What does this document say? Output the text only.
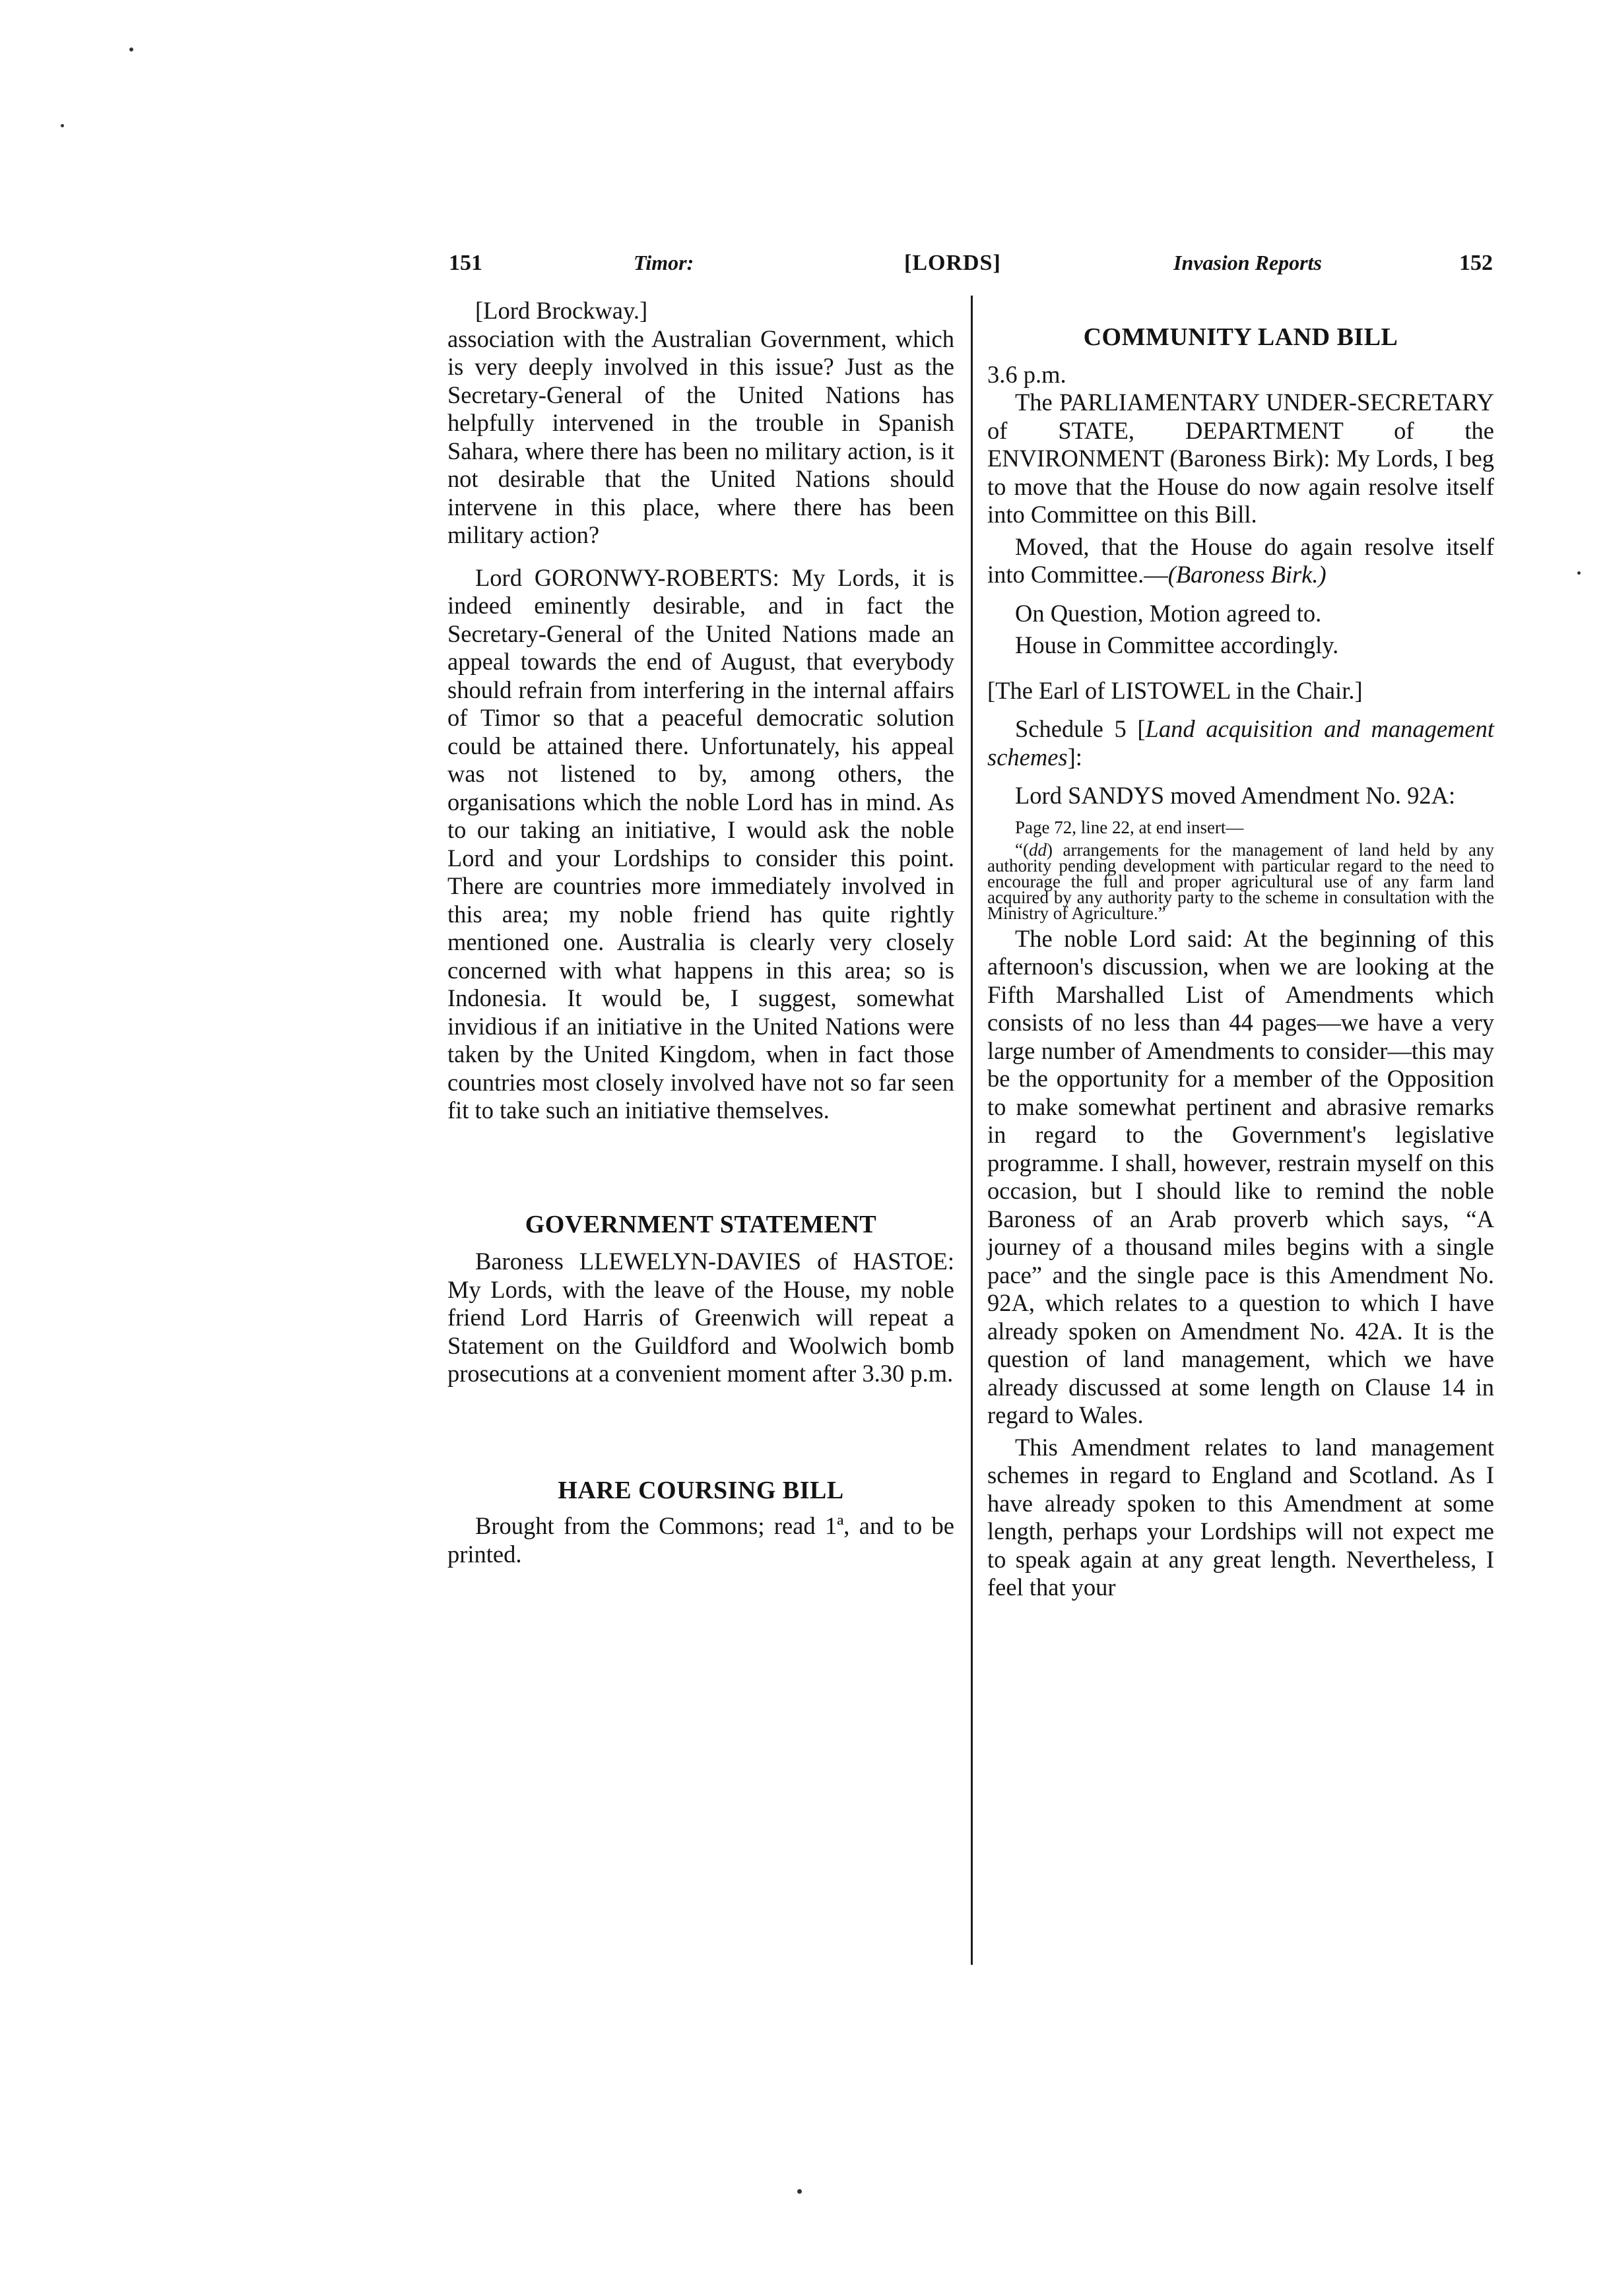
151	Timor:	[LORDS]	Invasion Reports	152

[Lord Brockway.]

association with the Australian Government, which is very deeply involved in this issue? Just as the Secretary-General of the United Nations has helpfully intervened in the trouble in Spanish Sahara, where there has been no military action, is it not desirable that the United Nations should intervene in this place, where there has been military action?

Lord GORONWY-ROBERTS: My Lords, it is indeed eminently desirable, and in fact the Secretary-General of the United Nations made an appeal towards the end of August, that everybody should refrain from interfering in the internal affairs of Timor so that a peaceful democratic solution could be attained there. Unfortunately, his appeal was not listened to by, among others, the organisations which the noble Lord has in mind. As to our taking an initiative, I would ask the noble Lord and your Lordships to consider this point. There are countries more immediately involved in this area; my noble friend has quite rightly mentioned one. Australia is clearly very closely concerned with what happens in this area; so is Indonesia. It would be, I suggest, somewhat invidious if an initiative in the United Nations were taken by the United Kingdom, when in fact those countries most closely involved have not so far seen fit to take such an initiative themselves.

GOVERNMENT STATEMENT

Baroness LLEWELYN-DAVIES of HASTOE: My Lords, with the leave of the House, my noble friend Lord Harris of Greenwich will repeat a Statement on the Guildford and Woolwich bomb prosecutions at a convenient moment after 3.30 p.m.

HARE COURSING BILL

Brought from the Commons; read 1ª, and to be printed.

COMMUNITY LAND BILL

3.6 p.m.

The PARLIAMENTARY UNDER-SECRETARY of STATE, DEPARTMENT of the ENVIRONMENT (Baroness Birk): My Lords, I beg to move that the House do now again resolve itself into Committee on this Bill.

Moved, that the House do again resolve itself into Committee.—(Baroness Birk.)

On Question, Motion agreed to.

House in Committee accordingly.

[The Earl of LISTOWEL in the Chair.]

Schedule 5 [Land acquisition and management schemes]:

Lord SANDYS moved Amendment No. 92A:

Page 72, line 22, at end insert—

“(dd) arrangements for the management of land held by any authority pending development with particular regard to the need to encourage the full and proper agricultural use of any farm land acquired by any authority party to the scheme in consultation with the Ministry of Agriculture.”

The noble Lord said: At the beginning of this afternoon's discussion, when we are looking at the Fifth Marshalled List of Amendments which consists of no less than 44 pages—we have a very large number of Amendments to consider—this may be the opportunity for a member of the Opposition to make somewhat pertinent and abrasive remarks in regard to the Government's legislative programme. I shall, however, restrain myself on this occasion, but I should like to remind the noble Baroness of an Arab proverb which says, “A journey of a thousand miles begins with a single pace” and the single pace is this Amendment No. 92A, which relates to a question to which I have already spoken on Amendment No. 42A. It is the question of land management, which we have already discussed at some length on Clause 14 in regard to Wales.

This Amendment relates to land management schemes in regard to England and Scotland. As I have already spoken to this Amendment at some length, perhaps your Lordships will not expect me to speak again at any great length. Nevertheless, I feel that your
